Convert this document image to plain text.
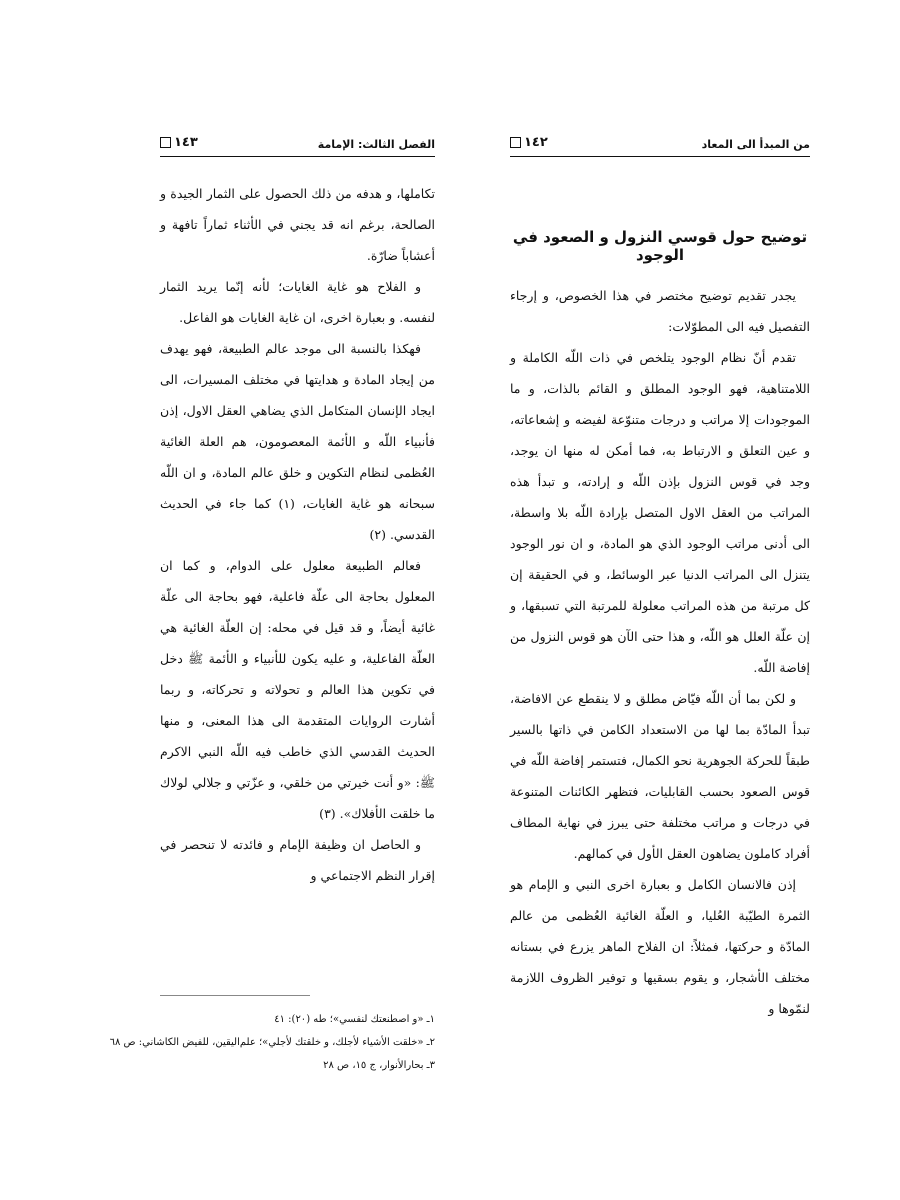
الفصل الثالث: الإمامة
١٤٣

تكاملها، و هدفه من ذلك الحصول على الثمار الجيدة و الصالحة، برغم انه قد يجني في الأثناء ثماراً تافهة و أعشاباً ضارّة.

و الفلاح هو غاية الغايات؛ لأنه إنّما يريد الثمار لنفسه. و بعبارة اخرى، ان غاية الغايات هو الفاعل.

فهكذا بالنسبة الى موجد عالم الطبيعة، فهو يهدف من إيجاد المادة و هدايتها في مختلف المسيرات، الى ايجاد الإنسان المتكامل الذي يضاهي العقل الاول، إذن فأنبياء اللّه و الأئمة المعصومون، هم العلة الغائية العُظمى لنظام التكوين و خلق عالم المادة، و ان اللّه سبحانه هو غاية الغايات، (١) كما جاء في الحديث القدسي. (٢)

فعالم الطبيعة معلول على الدوام، و كما ان المعلول بحاجة الى علّة فاعلية، فهو بحاجة الى علّة غائية أيضاً، و قد قيل في محله: إن العلّة الغائية هي العلّة الفاعلية، و عليه يكون للأنبياء و الأئمة ﷺ دخل في تكوين هذا العالم و تحولاته و تحركاته، و ربما أشارت الروايات المتقدمة الى هذا المعنى، و منها الحديث القدسي الذي خاطب فيه اللّه النبي الاكرم ﷺ: «و أنت خيرتي من خلقي، و عزّتي و جلالي لولاك ما خلقت الأفلاك». (٣)

و الحاصل ان وظيفة الإمام و فائدته لا تنحصر في إقرار النظم الاجتماعي و

١ـ «و اصطنعتك لنفسي»؛ طه (٢٠): ٤١
٢ـ «خلقت الأشياء لأجلك، و خلقتك لأجلي»؛ علم‌اليقين، للفيض الكاشاني: ص ٦٨
٣ـ بحارالأنوار، ج ١٥، ص ٢٨
من المبدأ الى المعاد
١٤٢
توضيح حول قوسي النزول و الصعود في الوجود

يجدر تقديم توضيح مختصر في هذا الخصوص، و إرجاء التفصيل فيه الى المطوّلات:

تقدم أنّ نظام الوجود يتلخص في ذات اللّه الكاملة و اللامتناهية، فهو الوجود المطلق و القائم بالذات، و ما الموجودات إلا مراتب و درجات متنوّعة لفيضه و إشعاعاته، و عين التعلق و الارتباط به، فما أمكن له منها ان يوجد، وجد في قوس النزول بإذن اللّه و إرادته، و تبدأ هذه المراتب من العقل الاول المتصل بإرادة اللّه بلا واسطة، الى أدنى مراتب الوجود الذي هو المادة، و ان نور الوجود يتنزل الى المراتب الدنيا عبر الوسائط، و في الحقيقة إن كل مرتبة من هذه المراتب معلولة للمرتبة التي تسبقها، و إن علّة العلل هو اللّه، و هذا حتى الآن هو قوس النزول من إفاضة اللّه.

و لكن بما أن اللّه فيّاض مطلق و لا ينقطع عن الافاضة، تبدأ المادّة بما لها من الاستعداد الكامن في ذاتها بالسير طبقاً للحركة الجوهرية نحو الكمال، فتستمر إفاضة اللّه في قوس الصعود بحسب القابليات، فتظهر الكائنات المتنوعة في درجات و مراتب مختلفة حتى يبرز في نهاية المطاف أفراد كاملون يضاهون العقل الأول في كمالهم.

إذن فالانسان الكامل و بعبارة اخرى النبي و الإمام هو الثمرة الطيّبة العُليا، و العلّة الغائية العُظمى من عالم المادّة و حركتها، فمثلاً: ان الفلاح الماهر يزرع في بستانه مختلف الأشجار، و يقوم بسقيها و توفير الظروف اللازمة لنمّوها و
